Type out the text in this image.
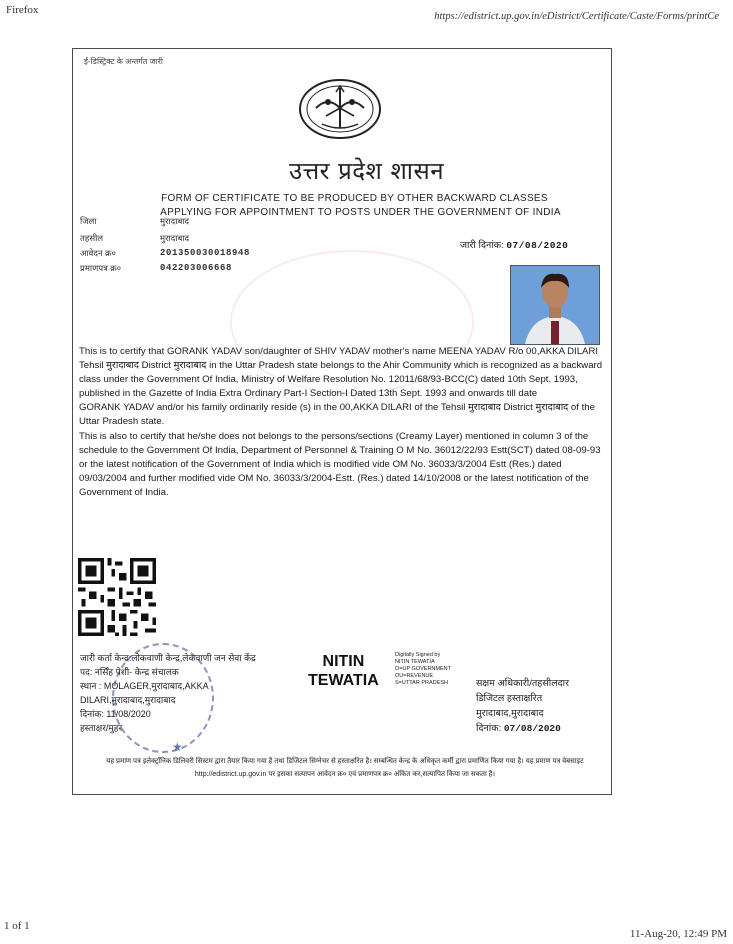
Firefox
https://edistrict.up.gov.in/eDistrict/Certificate/Caste/Forms/printCe
1 of 1
11-Aug-20, 12:49 PM
ई-डिस्ट्रिक्ट के अन्तर्गत जारी
उत्तर प्रदेश शासन
FORM OF CERTIFICATE TO BE PRODUCED BY OTHER BACKWARD CLASSES
APPLYING FOR APPOINTMENT TO POSTS UNDER THE GOVERNMENT OF INDIA
जिला	मुरादाबाद
तहसील	मुरादाबाद
आवेदन क्र०	201350030018948
प्रमाणपत्र क्र०	042203006668
जारी दिनांक: 07/08/2020

This is to certify that GORANK YADAV son/daughter of SHIV YADAV mother's name MEENA YADAV R/o 00,AKKA DILARI Tehsil मुरादाबाद District मुरादाबाद in the Uttar Pradesh state belongs to the Ahir Community which is recognized as a backward class under the Government Of India, Ministry of Welfare Resolution No. 12011/68/93-BCC(C) dated 10th Sept. 1993, published in the Gazette of India Extra Ordinary Part-I Section-I Dated 13th Sept. 1993 and onwards till date

GORANK YADAV and/or his family ordinarily reside (s) in the 00,AKKA DILARI of the Tehsil मुरादाबाद District मुरादाबाद of the Uttar Pradesh state.

This is also to certify that he/she does not belongs to the persons/sections (Creamy Layer) mentioned in column 3 of the schedule to the Government Of India, Department of Personnel & Training O M No. 36012/22/93 Estt(SCT) dated 08-09-93 or the latest notification of the Government of India which is modified vide OM No. 36033/3/2004 Estt (Res.) dated 09/03/2004 and further modified vide OM No. 36033/3/2004-Estt. (Res.) dated 14/10/2008 or the latest notification of the Government of India.

★
जारी कर्ता केन्द्र:लोकवाणी केन्द्र,लेकवाणी जन सेवा केंद्र
पद: नर्सिंह पेशी- केन्द्र संचालक
स्थान : MOLAGER,मुरादाबाद,AKKA
DILARI,मुरादाबाद,मुरादाबाद
दिनांक: 11/08/2020
हस्ताक्षर/मुहर
NITIN
TEWATIA
Digitally Signed by
NITIN TEWATIA
O=UP GOVERNMENT
OU=REVENUE
S=UTTAR PRADESH	सक्षम अधिकारी/तहसीलदार
डिजिटल हस्ताक्षरित
मुरादाबाद,मुरादाबाद
दिनांक: 07/08/2020
यह प्रमाण पत्र इलेक्ट्रॉनिक डिलिवरी सिस्टम द्वारा तैयार किया गया है तथा डिजिटल सिग्नेचर से हस्ताक्षरित है। सम्बन्धित केन्द्र के अधिकृत कर्मी द्वारा प्रमाणित किया गया है। यह प्रमाण पत्र वेबसाइट http://edistrict.up.gov.in पर इसका सत्यापन आवेदन क्र० एवं प्रमाणपत्र क्र० अंकित कर,सत्यापित किया जा सकता है।
